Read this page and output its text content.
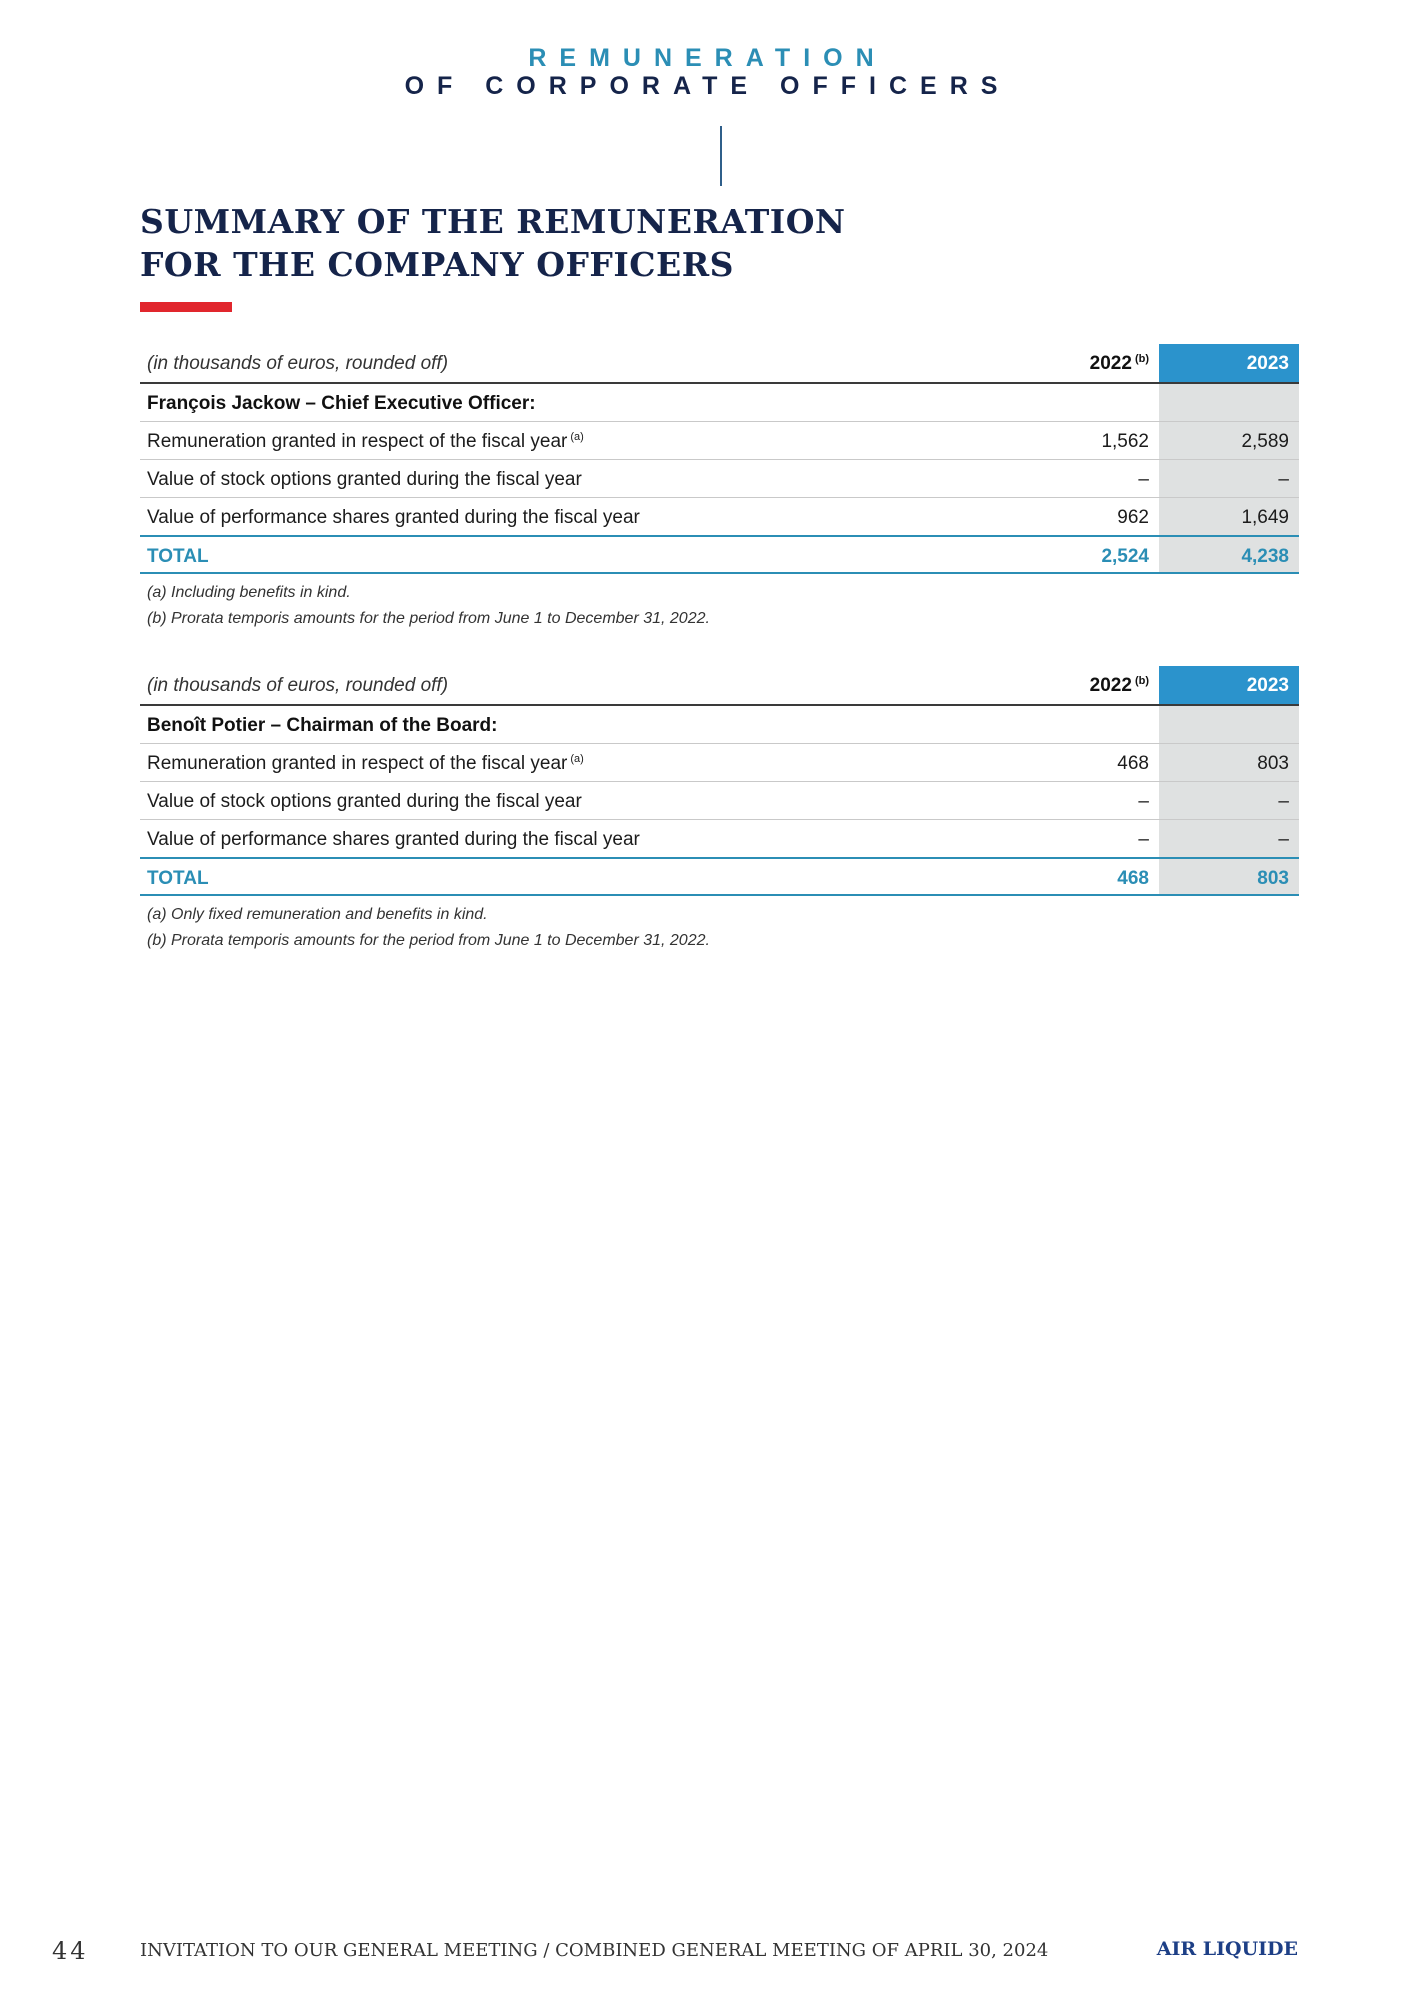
REMUNERATION
OF CORPORATE OFFICERS
SUMMARY OF THE REMUNERATION
FOR THE COMPANY OFFICERS
(in thousands of euros, rounded off)	2022 $^{(b)}$	2023
François Jackow – Chief Executive Officer:
Remuneration granted in respect of the fiscal year $^{(a)}$	1,562	2,589
Value of stock options granted during the fiscal year	–	–
Value of performance shares granted during the fiscal year	962	1,649
TOTAL	2,524	4,238
(a) Including benefits in kind.
(b) Prorata temporis amounts for the period from June 1 to December 31, 2022.
(in thousands of euros, rounded off)	2022 $^{(b)}$	2023
Benoît Potier – Chairman of the Board:
Remuneration granted in respect of the fiscal year $^{(a)}$	468	803
Value of stock options granted during the fiscal year	–	–
Value of performance shares granted during the fiscal year	–	–
TOTAL	468	803
(a) Only fixed remuneration and benefits in kind.
(b) Prorata temporis amounts for the period from June 1 to December 31, 2022.
44	INVITATION TO OUR GENERAL MEETING / COMBINED GENERAL MEETING OF APRIL 30, 2024	AIR LIQUIDE
